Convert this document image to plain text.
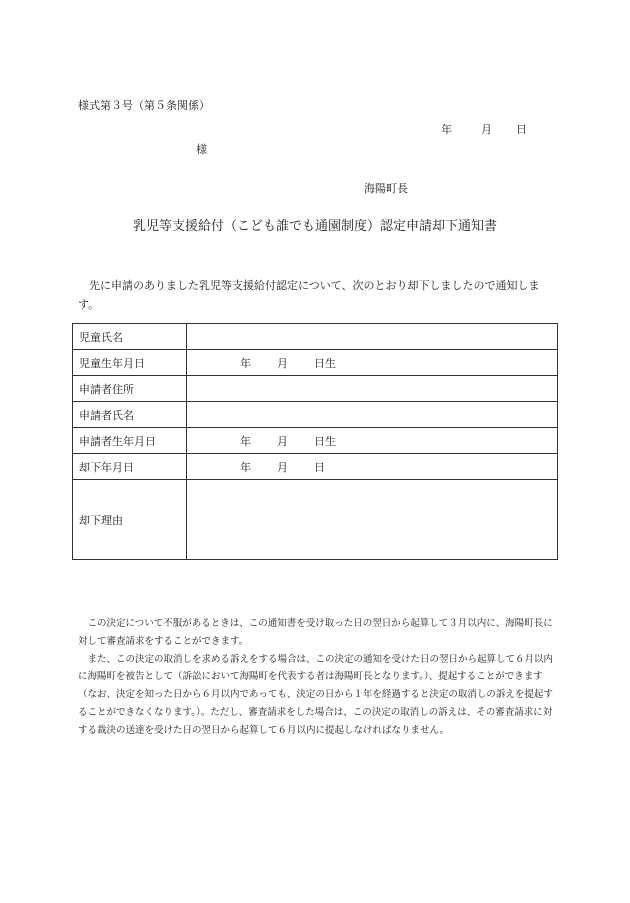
様式第３号（第５条関係）
年	月 日
様
海陽町長
乳児等支援給付（こども誰でも通園制度）認定申請却下通知書
先に申請のありました乳児等支援給付認定について、次のとおり却下しましたので通知します。
児童氏名	
児童生年月日	年 月 日生
申請者住所	
申請者氏名	
申請者生年月日	年 月 日生
却下年月日	年 月 日
却下理由	

この決定について不服があるときは、この通知書を受け取った日の翌日から起算して３月以内に、海陽町長に対して審査請求をすることができます。

また、この決定の取消しを求める訴えをする場合は、この決定の通知を受けた日の翌日から起算して６月以内に海陽町を被告として（訴訟において海陽町を代表する者は海陽町長となります。）、提起することができます（なお、決定を知った日から６月以内であっても、決定の日から１年を経過すると決定の取消しの訴えを提起することができなくなります。）。ただし、審査請求をした場合は、この決定の取消しの訴えは、その審査請求に対する裁決の送達を受けた日の翌日から起算して６月以内に提起しなければなりません。
